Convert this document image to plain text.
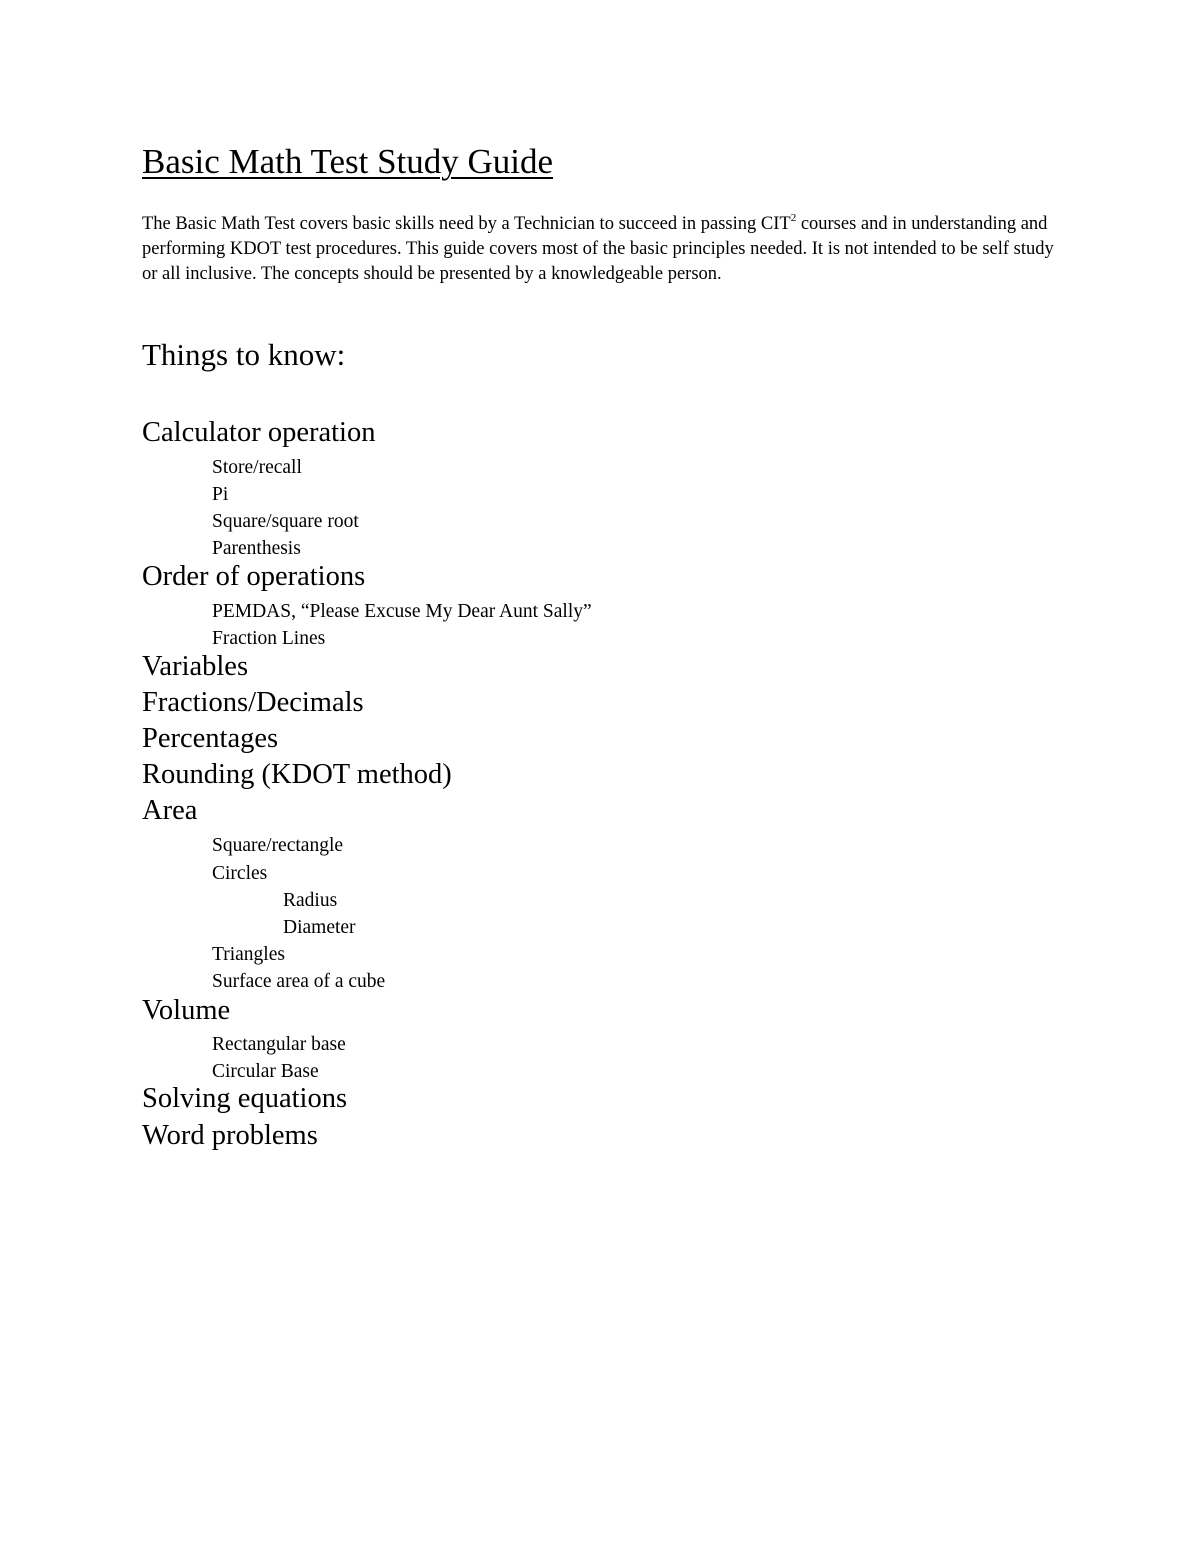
Basic Math Test Study Guide

The Basic Math Test covers basic skills need by a Technician to succeed in passing CIT$^2$ courses and in understanding and performing KDOT test procedures. This guide covers most of the basic principles needed. It is not intended to be self study or all inclusive. The concepts should be presented by a knowledgeable person.

Things to know:
Calculator operation
Store/recall
Pi
Square/square root
Parenthesis
Order of operations
PEMDAS, “Please Excuse My Dear Aunt Sally”
Fraction Lines
Variables
Fractions/Decimals
Percentages
Rounding (KDOT method)
Area
Square/rectangle
Circles
Radius
Diameter
Triangles
Surface area of a cube
Volume
Rectangular base
Circular Base
Solving equations
Word problems
